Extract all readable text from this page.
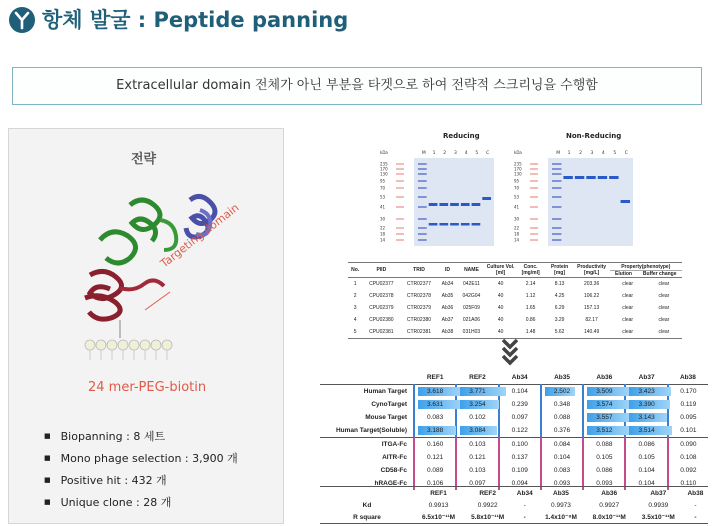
항체 발굴 : Peptide panning
Extracellular domain 전체가 아닌 부분을 타겟으로 하여 전략적 스크리닝을 수행함
전략
Targeting domain
24 mer-PEG-biotin
■ Biopanning : 8 세트
■ Mono phage selection : 3,900 개
■ Positive hit : 432 개
■ Unique clone : 28 개
Reducing	Non-Reducing
kDa	M 1 2 3 4 5 C
235
170
130
95
70
53
41
30
22
18
14
kDa	M 1 2 3 4 5 C
235
170
130
95
70
53
41
30
22
18
14
No.	PIID	TRID	ID	NAME	Culture Vol. [ml]	Conc. [mg/ml]	Protein [mg]	Productivity [mg/L]	Property(phenotype)
Elution Buffer change	

1	CPU02377	CTR02377	Ab34	042E11	40	2.14	8.13	203.36	clear	clear
2	CPU02378	CTR02378	Ab35	042G04	40	1.12	4.25	106.22	clear	clear
3	CPU02379	CTR02379	Ab36	025F09	40	1.65	6.29	157.13	clear	clear
4	CPU02380	CTR02380	Ab37	021A06	40	0.86	3.29	82.17	clear	clear
5	CPU02381	CTR02381	Ab38	031H03	40	1.48	5.62	140.49	clear	clear
	REF1	REF2	Ab34	Ab35	Ab36	Ab37	Ab38
Human Target	3.618	3.771	0.104	2.502	3.509	3.423	0.170
CynoTarget	3.631	3.254	0.239	0.348	3.574	3.390	0.119
Mouse Target	0.083	0.102	0.097	0.088	3.557	3.143	0.095
Human Target(Soluble)	3.188	3.084	0.122	0.376	3.512	3.514	0.101
ITGA-Fc	0.160	0.103	0.100	0.084	0.088	0.086	0.090
AITR-Fc	0.121	0.121	0.137	0.104	0.105	0.105	0.108
CD58-Fc	0.089	0.103	0.109	0.083	0.086	0.104	0.092
hRAGE-Fc	0.106	0.097	0.094	0.093	0.093	0.104	0.110
	REF1	REF2	Ab34	Ab35	Ab36	Ab37	Ab38
Kd	0.9913	0.9922	-	0.9973	0.9927	0.9939	-
R square	6.5x10⁻¹¹M	5.8x10⁻¹¹M	-	1.4x10⁻⁸M	8.0x10⁻¹¹M	3.5x10⁻¹¹M	-
